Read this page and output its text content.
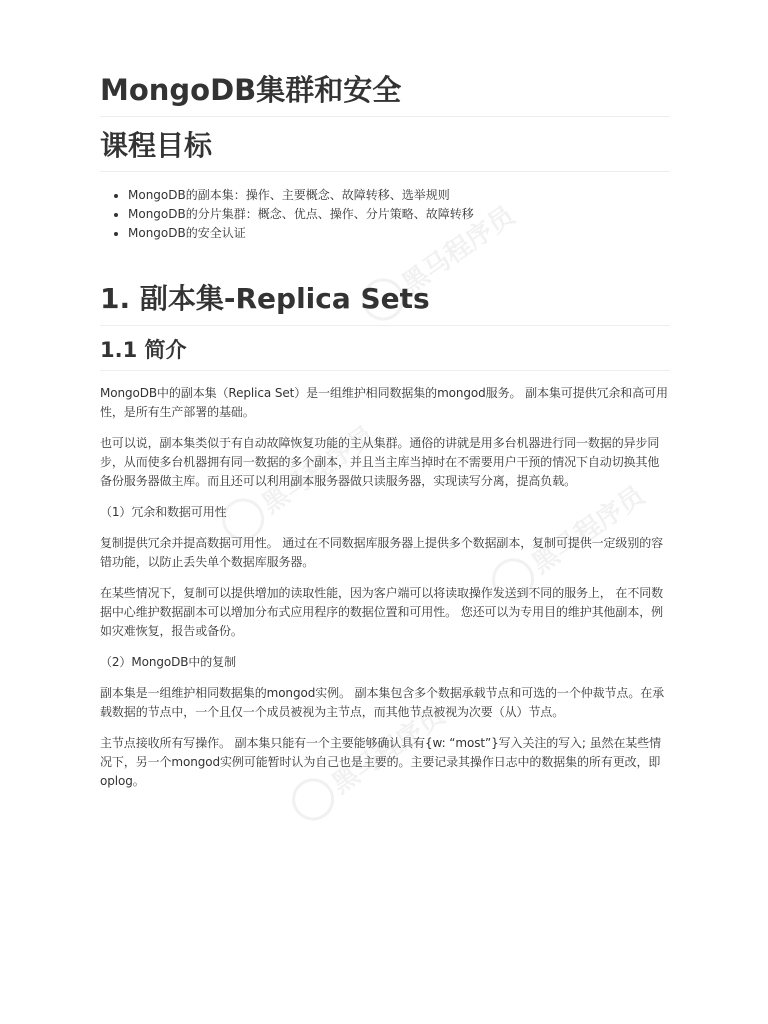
MongoDB集群和安全
课程目标
• MongoDB的副本集：操作、主要概念、故障转移、选举规则
• MongoDB的分片集群：概念、优点、操作、分片策略、故障转移
• MongoDB的安全认证
1. 副本集-Replica Sets
1.1 简介

MongoDB中的副本集（Replica Set）是一组维护相同数据集的mongod服务。 副本集可提供冗余和高可用性，是所有生产部署的基础。

也可以说，副本集类似于有自动故障恢复功能的主从集群。通俗的讲就是用多台机器进行同一数据的异步同步，从而使多台机器拥有同一数据的多个副本，并且当主库当掉时在不需要用户干预的情况下自动切换其他备份服务器做主库。而且还可以利用副本服务器做只读服务器，实现读写分离，提高负载。

（1）冗余和数据可用性

复制提供冗余并提高数据可用性。 通过在不同数据库服务器上提供多个数据副本，复制可提供一定级别的容错功能，以防止丢失单个数据库服务器。

在某些情况下，复制可以提供增加的读取性能，因为客户端可以将读取操作发送到不同的服务上， 在不同数据中心维护数据副本可以增加分布式应用程序的数据位置和可用性。 您还可以为专用目的维护其他副本，例如灾难恢复，报告或备份。

（2）MongoDB中的复制

副本集是一组维护相同数据集的mongod实例。 副本集包含多个数据承载节点和可选的一个仲裁节点。在承载数据的节点中，一个且仅一个成员被视为主节点，而其他节点被视为次要（从）节点。

主节点接收所有写操作。 副本集只能有一个主要能够确认具有{w: “most”}写入关注的写入; 虽然在某些情况下，另一个mongod实例可能暂时认为自己也是主要的。主要记录其操作日志中的数据集的所有更改，即oplog。

黑马程序员
黑马程序员
黑马程序员
黑马程序员
